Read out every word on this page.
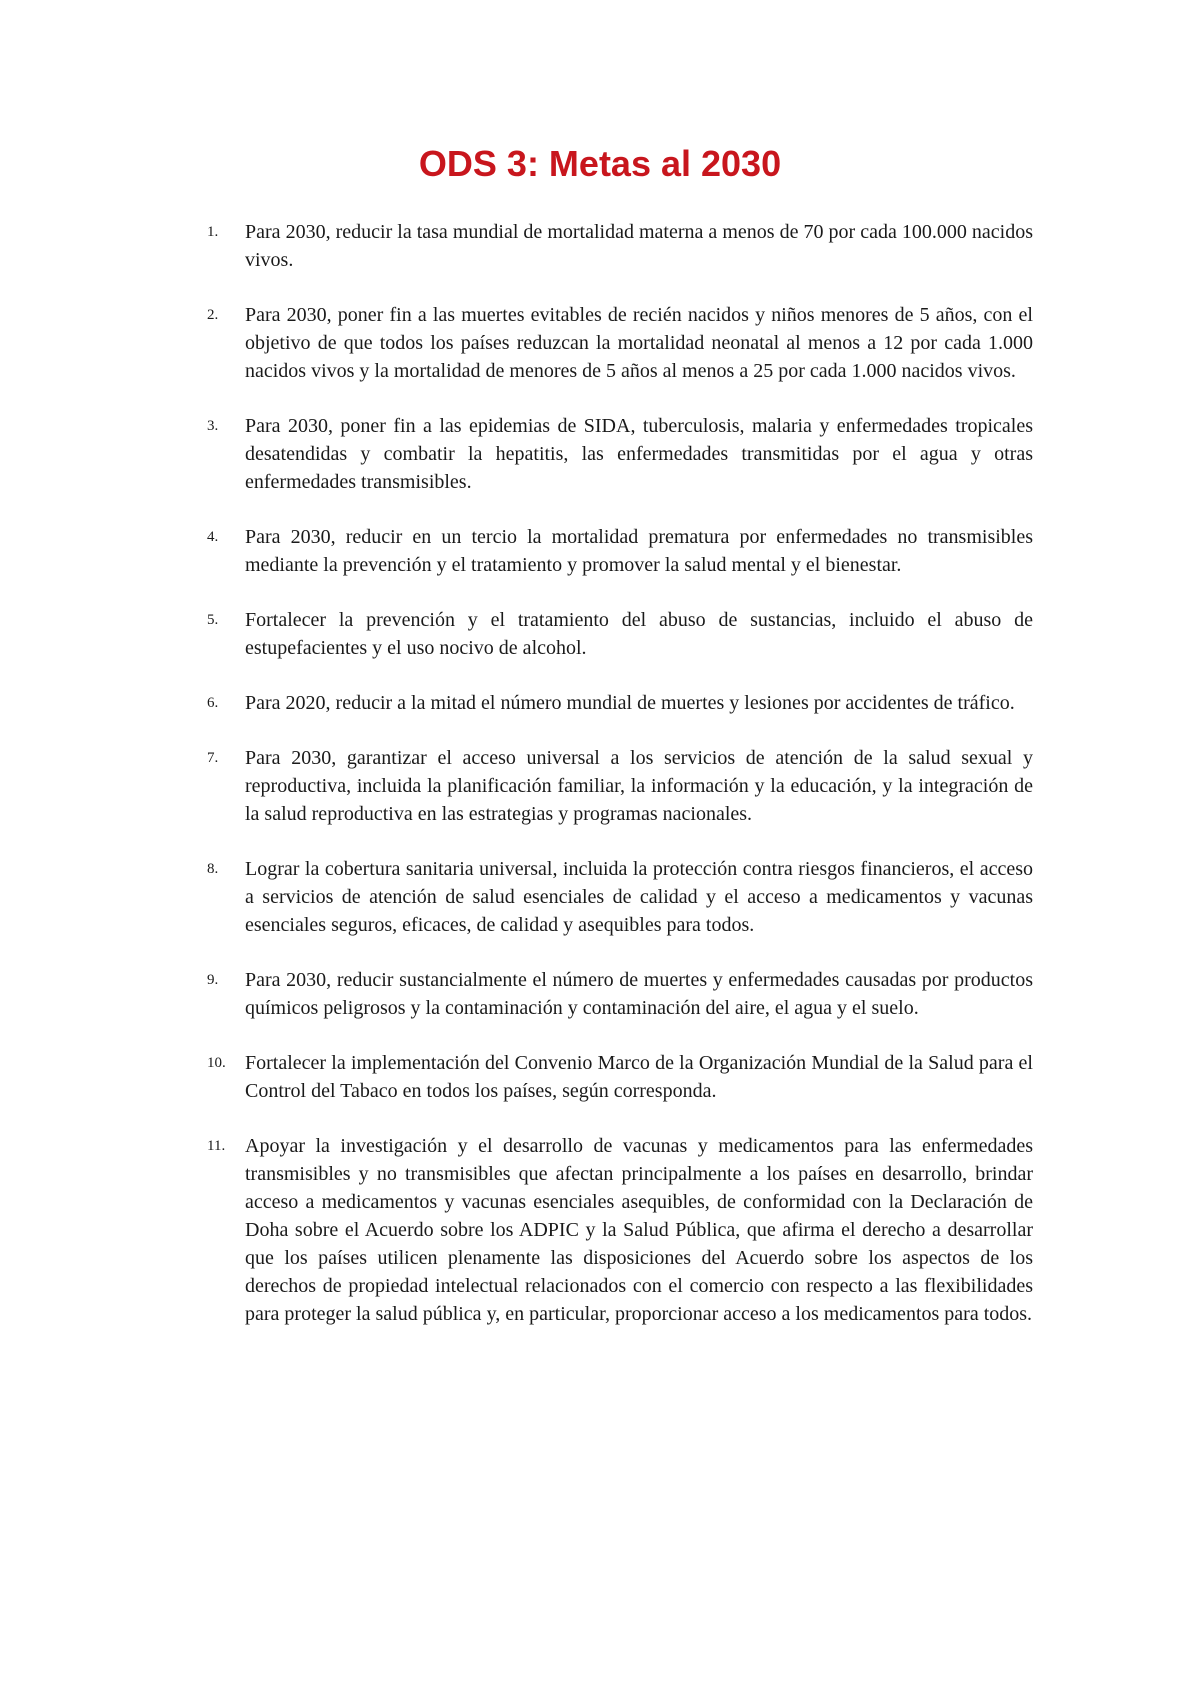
ODS 3: Metas al 2030
1. Para 2030, reducir la tasa mundial de mortalidad materna a menos de 70 por cada 100.000 nacidos vivos.
2. Para 2030, poner fin a las muertes evitables de recién nacidos y niños menores de 5 años, con el objetivo de que todos los países reduzcan la mortalidad neonatal al menos a 12 por cada 1.000 nacidos vivos y la mortalidad de menores de 5 años al menos a 25 por cada 1.000 nacidos vivos.
3. Para 2030, poner fin a las epidemias de SIDA, tuberculosis, malaria y enfermedades tropicales desatendidas y combatir la hepatitis, las enfermedades transmitidas por el agua y otras enfermedades transmisibles.
4. Para 2030, reducir en un tercio la mortalidad prematura por enfermedades no transmisibles mediante la prevención y el tratamiento y promover la salud mental y el bienestar.
5. Fortalecer la prevención y el tratamiento del abuso de sustancias, incluido el abuso de estupefacientes y el uso nocivo de alcohol.
6. Para 2020, reducir a la mitad el número mundial de muertes y lesiones por accidentes de tráfico.
7. Para 2030, garantizar el acceso universal a los servicios de atención de la salud sexual y reproductiva, incluida la planificación familiar, la información y la educación, y la integración de la salud reproductiva en las estrategias y programas nacionales.
8. Lograr la cobertura sanitaria universal, incluida la protección contra riesgos financieros, el acceso a servicios de atención de salud esenciales de calidad y el acceso a medicamentos y vacunas esenciales seguros, eficaces, de calidad y asequibles para todos.
9. Para 2030, reducir sustancialmente el número de muertes y enfermedades causadas por productos químicos peligrosos y la contaminación y contaminación del aire, el agua y el suelo.
10. Fortalecer la implementación del Convenio Marco de la Organización Mundial de la Salud para el Control del Tabaco en todos los países, según corresponda.
11. Apoyar la investigación y el desarrollo de vacunas y medicamentos para las enfermedades transmisibles y no transmisibles que afectan principalmente a los países en desarrollo, brindar acceso a medicamentos y vacunas esenciales asequibles, de conformidad con la Declaración de Doha sobre el Acuerdo sobre los ADPIC y la Salud Pública, que afirma el derecho a desarrollar que los países utilicen plenamente las disposiciones del Acuerdo sobre los aspectos de los derechos de propiedad intelectual relacionados con el comercio con respecto a las flexibilidades para proteger la salud pública y, en particular, proporcionar acceso a los medicamentos para todos.
